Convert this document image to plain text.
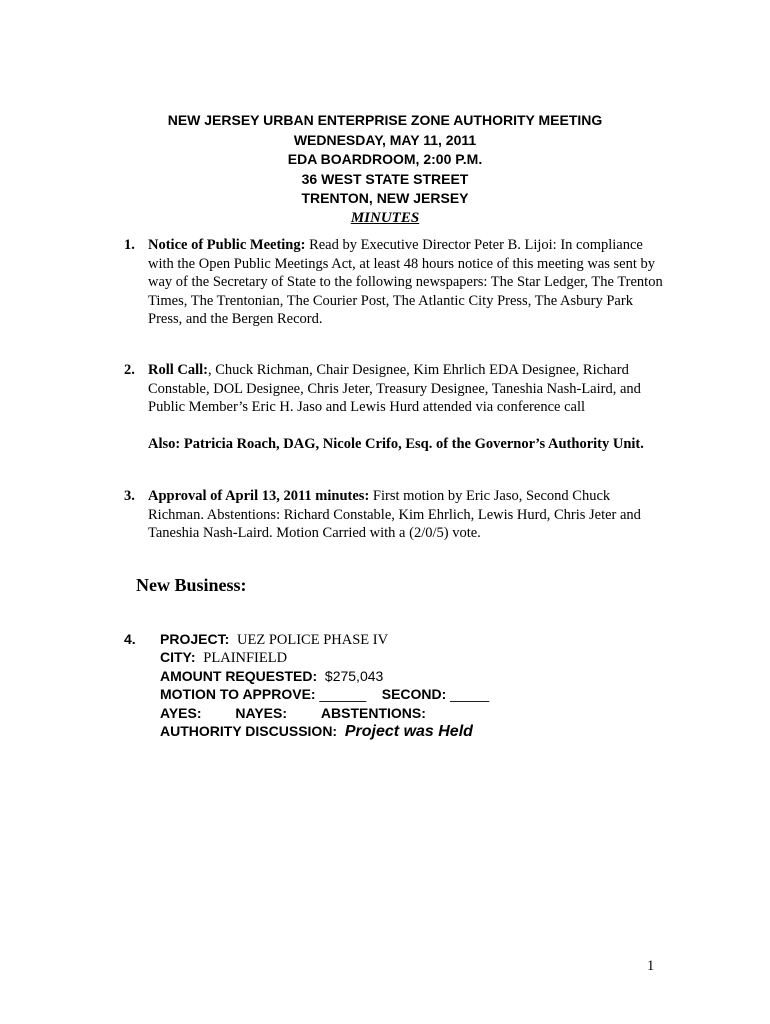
NEW JERSEY URBAN ENTERPRISE ZONE AUTHORITY MEETING
WEDNESDAY, MAY 11, 2011
EDA BOARDROOM, 2:00 P.M.
36 WEST STATE STREET
TRENTON, NEW JERSEY
MINUTES
1. Notice of Public Meeting: Read by Executive Director Peter B. Lijoi: In compliance with the Open Public Meetings Act, at least 48 hours notice of this meeting was sent by way of the Secretary of State to the following newspapers: The Star Ledger, The Trenton Times, The Trentonian, The Courier Post, The Atlantic City Press, The Asbury Park Press, and the Bergen Record.
2. Roll Call:, Chuck Richman, Chair Designee, Kim Ehrlich EDA Designee, Richard Constable, DOL Designee, Chris Jeter, Treasury Designee, Taneshia Nash-Laird, and Public Member’s Eric H. Jaso and Lewis Hurd attended via conference call
Also: Patricia Roach, DAG, Nicole Crifo, Esq. of the Governor’s Authority Unit.
3. Approval of April 13, 2011 minutes: First motion by Eric Jaso, Second Chuck Richman. Abstentions: Richard Constable, Kim Ehrlich, Lewis Hurd, Chris Jeter and Taneshia Nash-Laird. Motion Carried with a (2/0/5) vote.
New Business:
4. PROJECT: UEZ POLICE PHASE IV
CITY: PLAINFIELD
AMOUNT REQUESTED: $275,043
MOTION TO APPROVE: ______ SECOND: _____
AYES: NAYES: ABSTENTIONS:
AUTHORITY DISCUSSION: Project was Held
1
